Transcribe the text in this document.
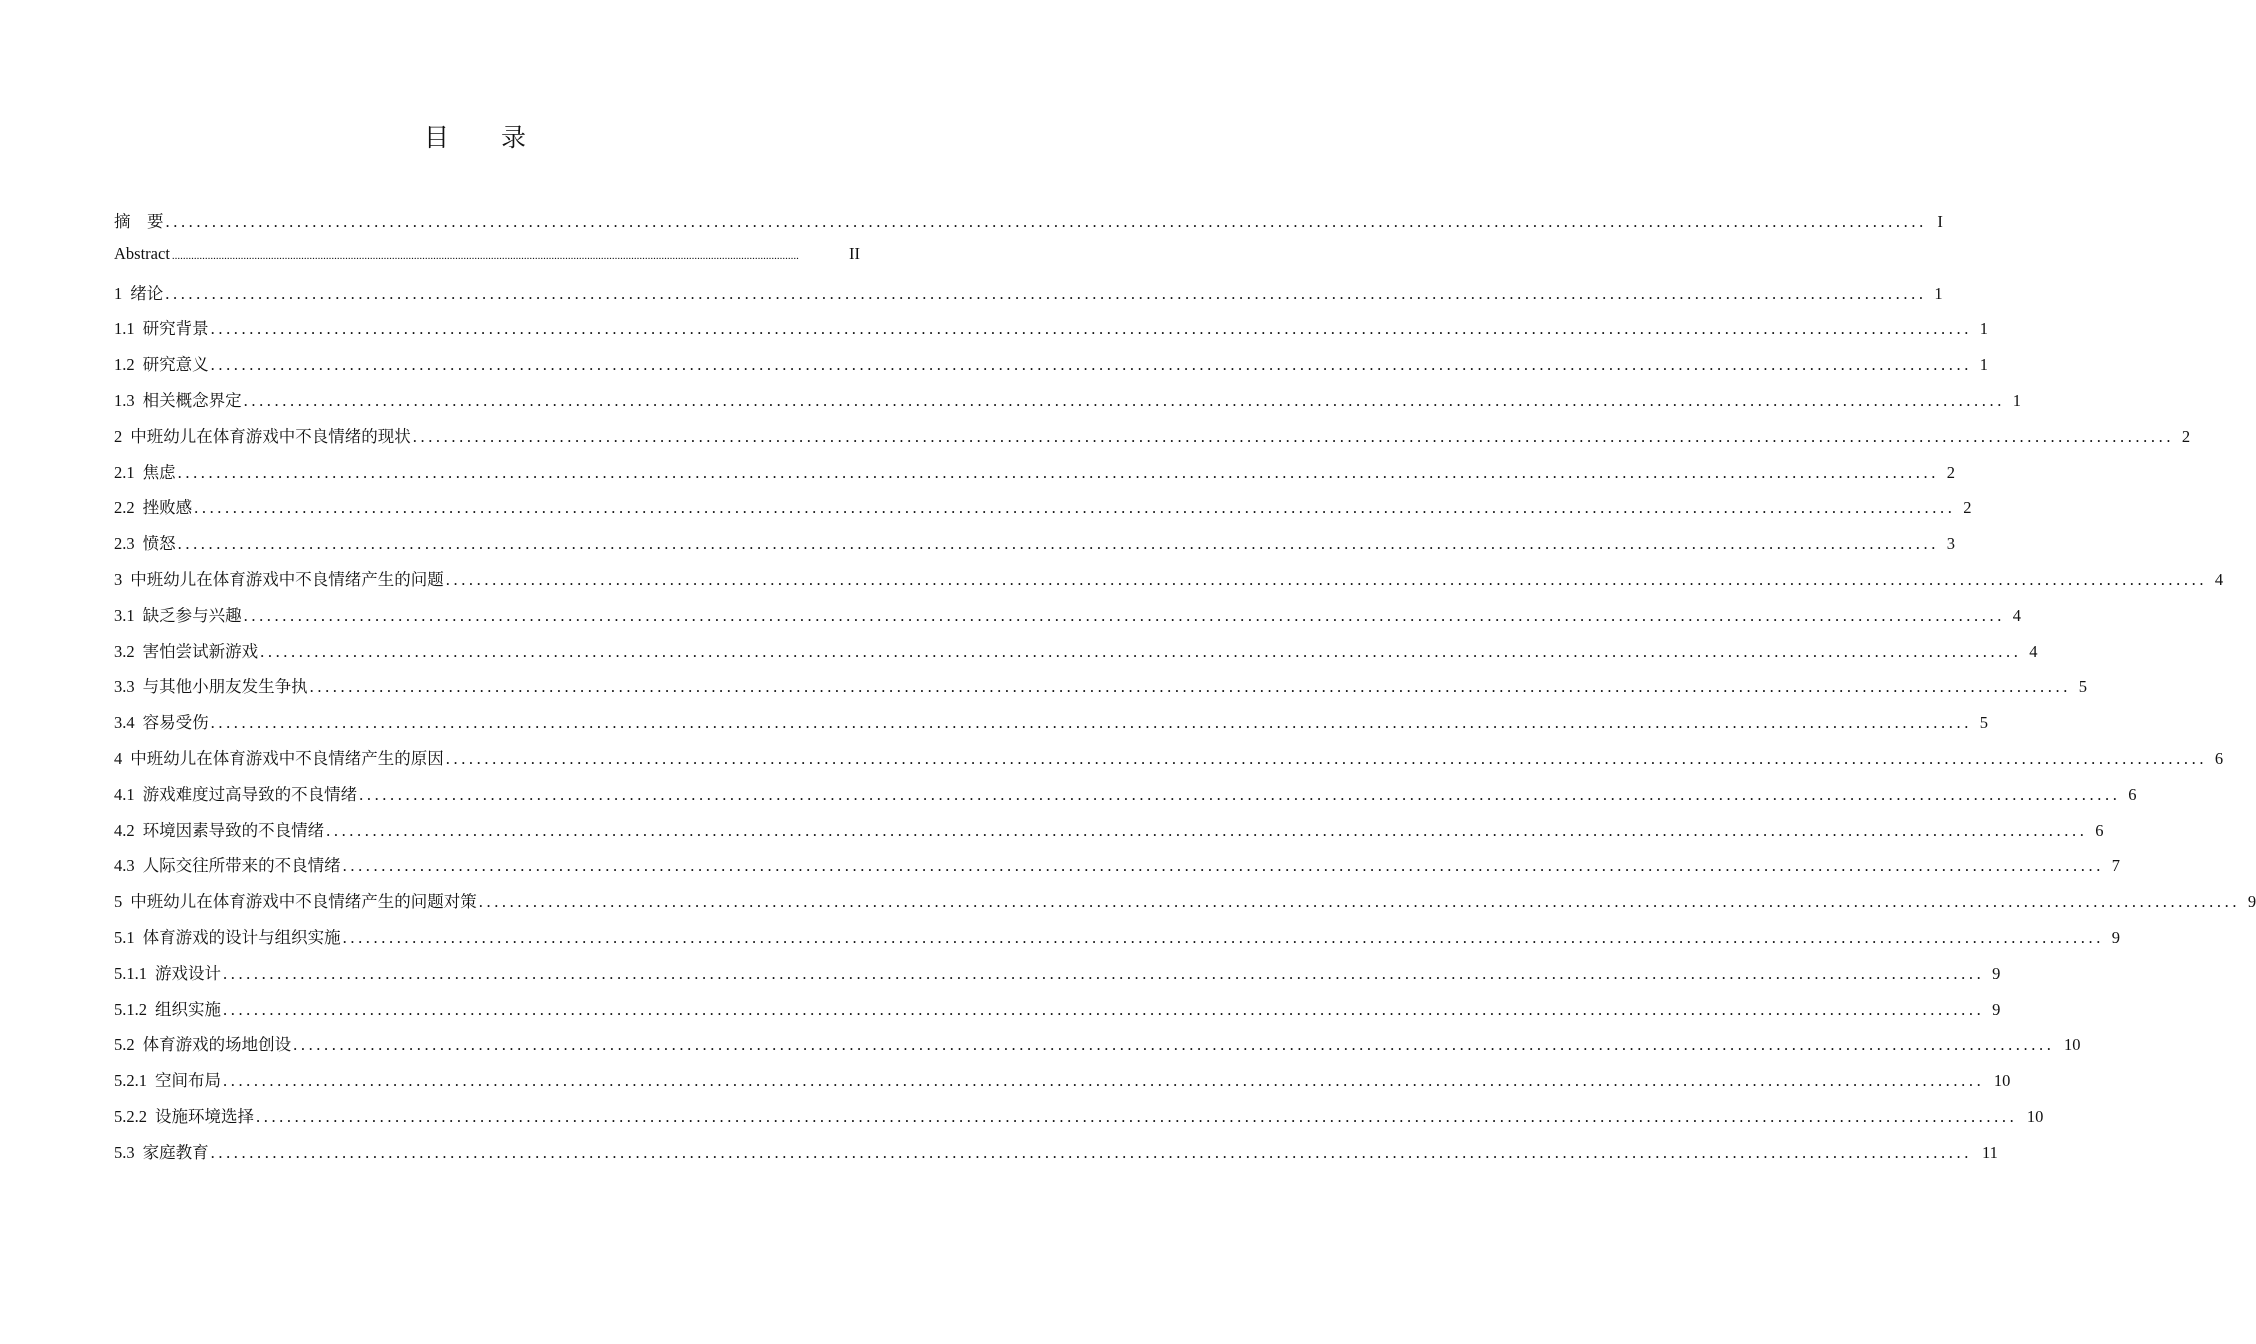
目 录
摘　要 .................................................................................................................................................................................................................................... I
Abstract ....................................................................................................................................................................................................................................	II
1 绪论 .................................................................................................................................................................................................................................... 1
1.1 研究背景 .................................................................................................................................................................................................................................... 1
1.2 研究意义 .................................................................................................................................................................................................................................... 1
1.3 相关概念界定 .................................................................................................................................................................................................................................... 1
2 中班幼儿在体育游戏中不良情绪的现状 .................................................................................................................................................................................................................................... 2
2.1 焦虑 .................................................................................................................................................................................................................................... 2
2.2 挫败感 .................................................................................................................................................................................................................................... 2
2.3 愤怒 .................................................................................................................................................................................................................................... 3
3 中班幼儿在体育游戏中不良情绪产生的问题 .................................................................................................................................................................................................................................... 4
3.1 缺乏参与兴趣 .................................................................................................................................................................................................................................... 4
3.2 害怕尝试新游戏 .................................................................................................................................................................................................................................... 4
3.3 与其他小朋友发生争执 .................................................................................................................................................................................................................................... 5
3.4 容易受伤 .................................................................................................................................................................................................................................... 5
4 中班幼儿在体育游戏中不良情绪产生的原因 .................................................................................................................................................................................................................................... 6
4.1 游戏难度过高导致的不良情绪 .................................................................................................................................................................................................................................... 6
4.2 环境因素导致的不良情绪 .................................................................................................................................................................................................................................... 6
4.3 人际交往所带来的不良情绪 .................................................................................................................................................................................................................................... 7
5 中班幼儿在体育游戏中不良情绪产生的问题对策 .................................................................................................................................................................................................................................... 9
5.1 体育游戏的设计与组织实施 .................................................................................................................................................................................................................................... 9
5.1.1 游戏设计 .................................................................................................................................................................................................................................... 9
5.1.2 组织实施 .................................................................................................................................................................................................................................... 9
5.2 体育游戏的场地创设 .................................................................................................................................................................................................................................... 10
5.2.1 空间布局 .................................................................................................................................................................................................................................... 10
5.2.2 设施环境选择 .................................................................................................................................................................................................................................... 10
5.3 家庭教育 .................................................................................................................................................................................................................................... 11
